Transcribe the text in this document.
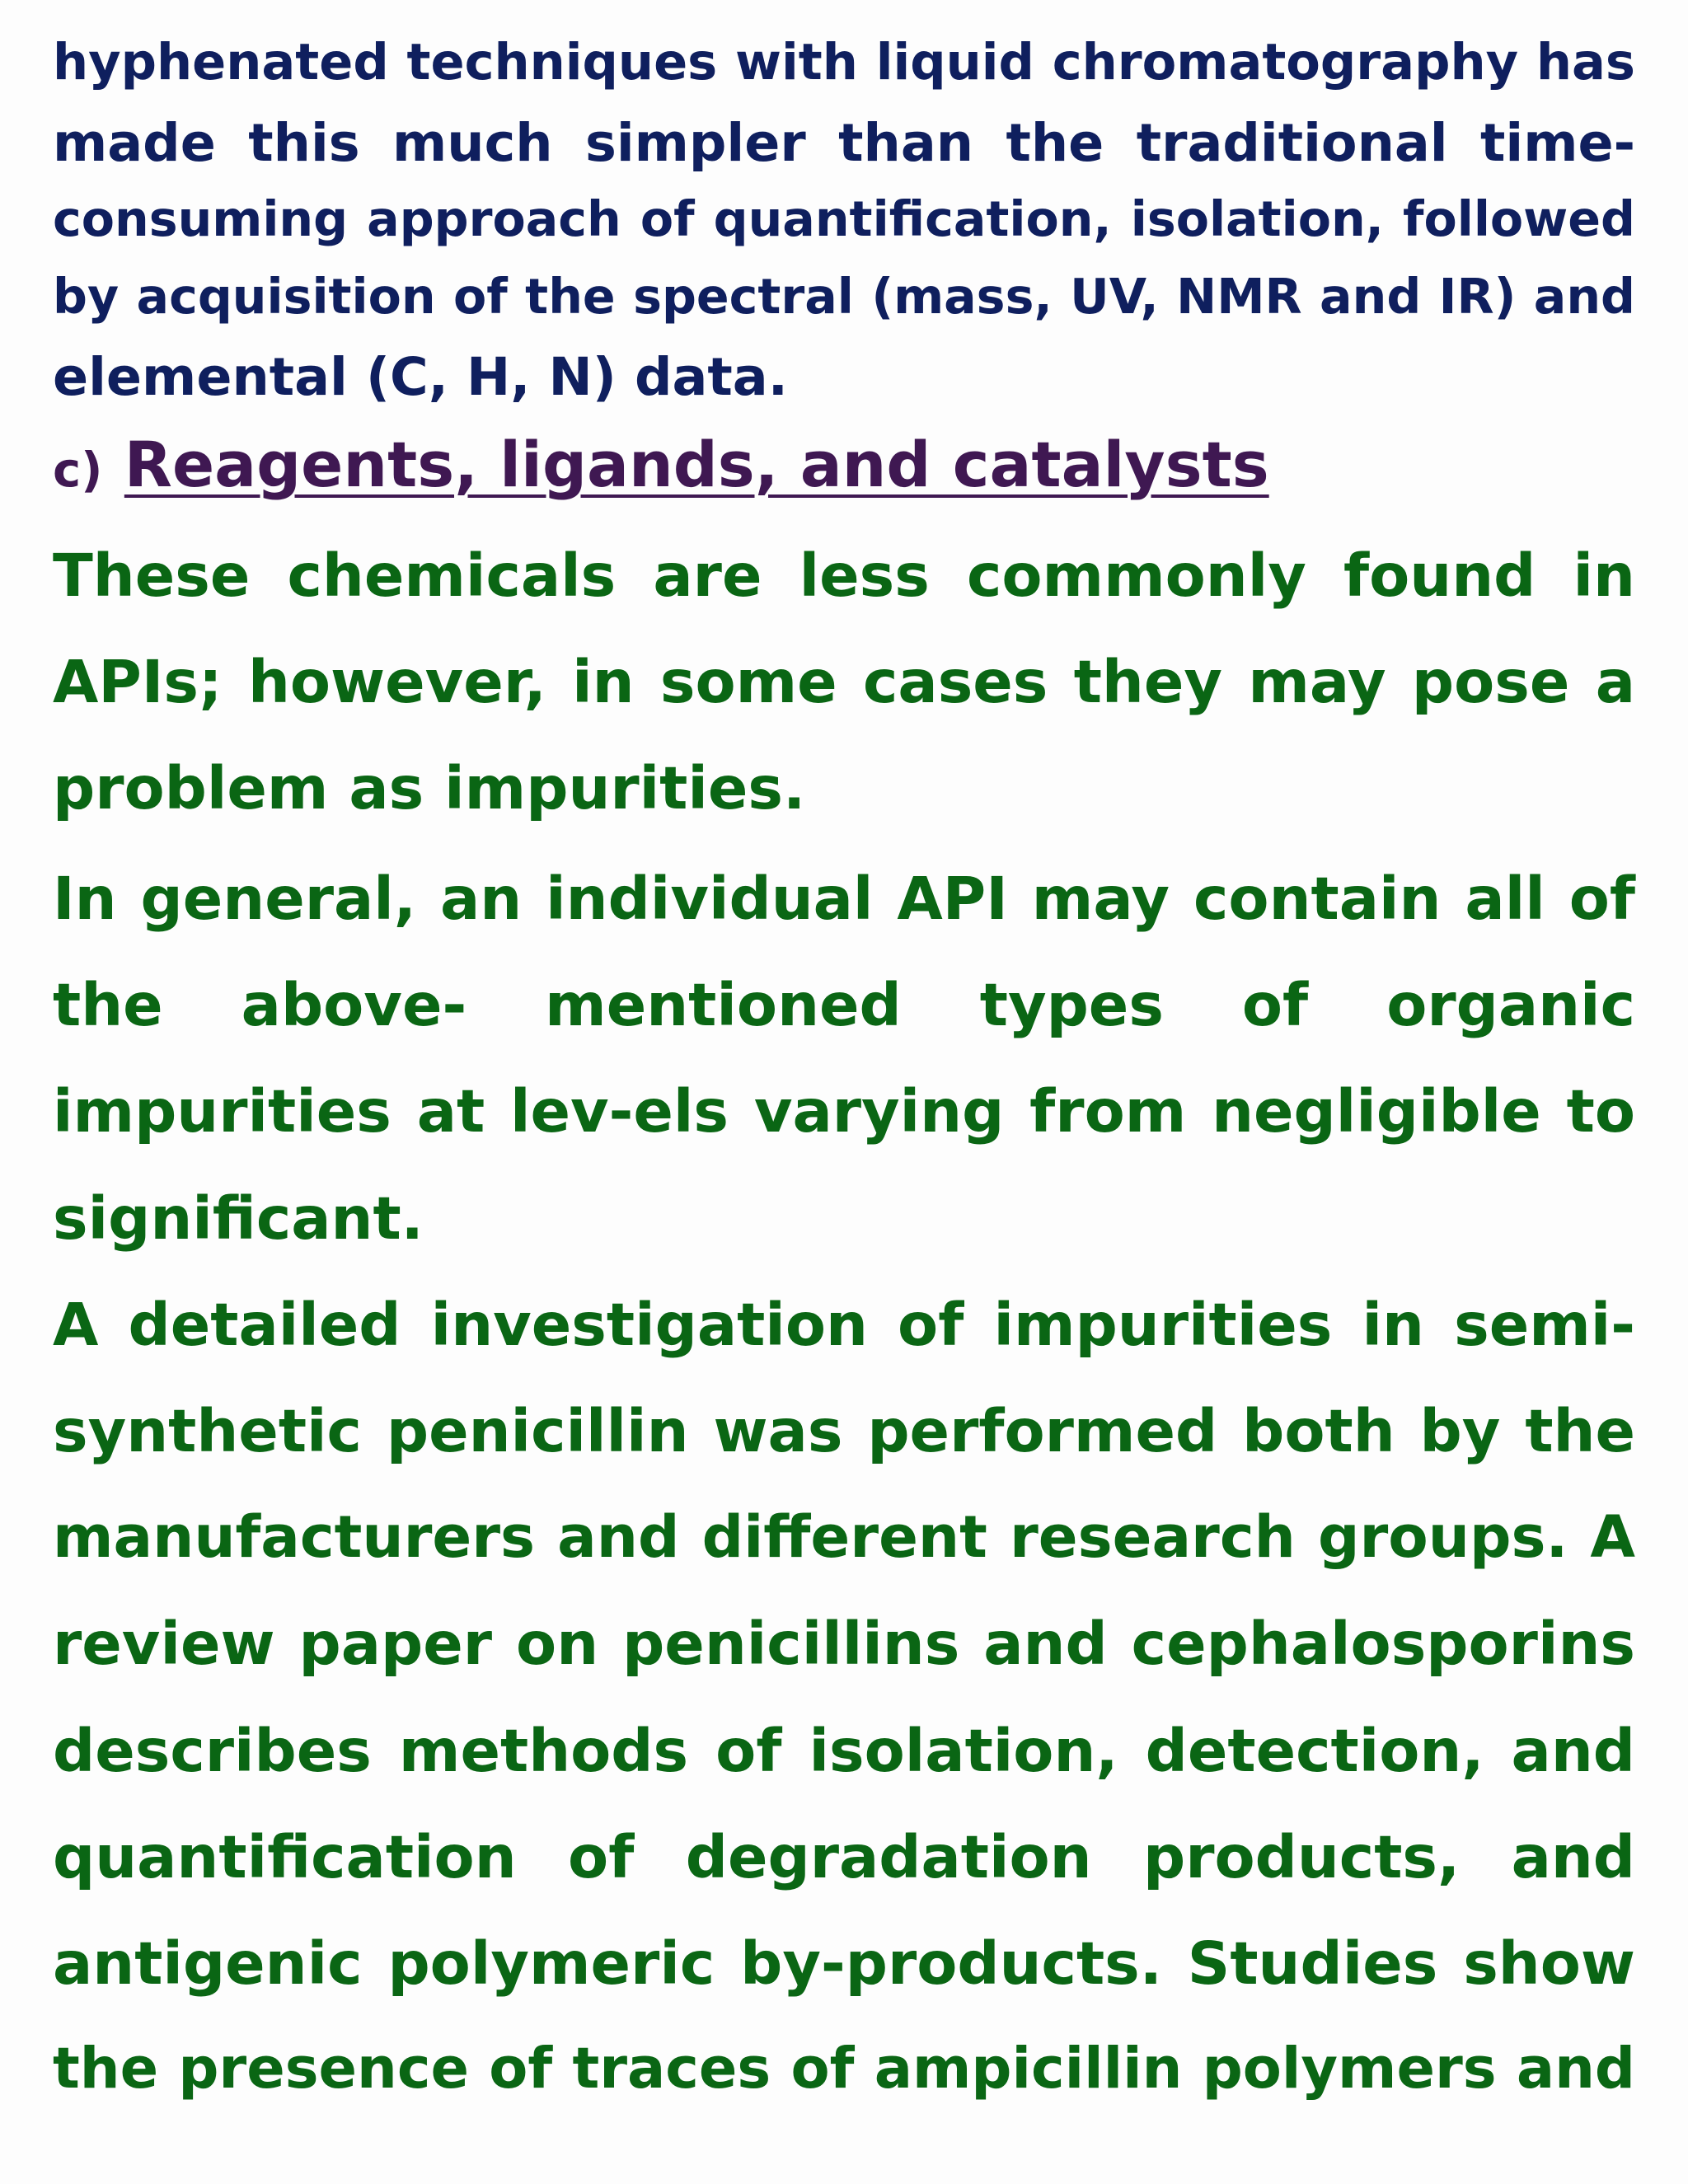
hyphenated techniques with liquid chromatography has
made this much simpler than the traditional time-
consuming approach of quantification, isolation, followed
by acquisition of the spectral (mass, UV, NMR and IR) and
elemental (C, H, N) data.
c) Reagents, ligands, and catalysts
These chemicals are less commonly found in
APIs; however, in some cases they may pose a
problem as impurities.
In general, an individual API may contain all of
the above- mentioned types of organic
impurities at lev-els varying from negligible to
significant.
A detailed investigation of impurities in semi-
synthetic penicillin was performed both by the
manufacturers and different research groups. A
review paper on penicillins and cephalosporins
describes methods of isolation, detection, and
quantification of degradation products, and
antigenic polymeric by-products. Studies show
the presence of traces of ampicillin polymers and
